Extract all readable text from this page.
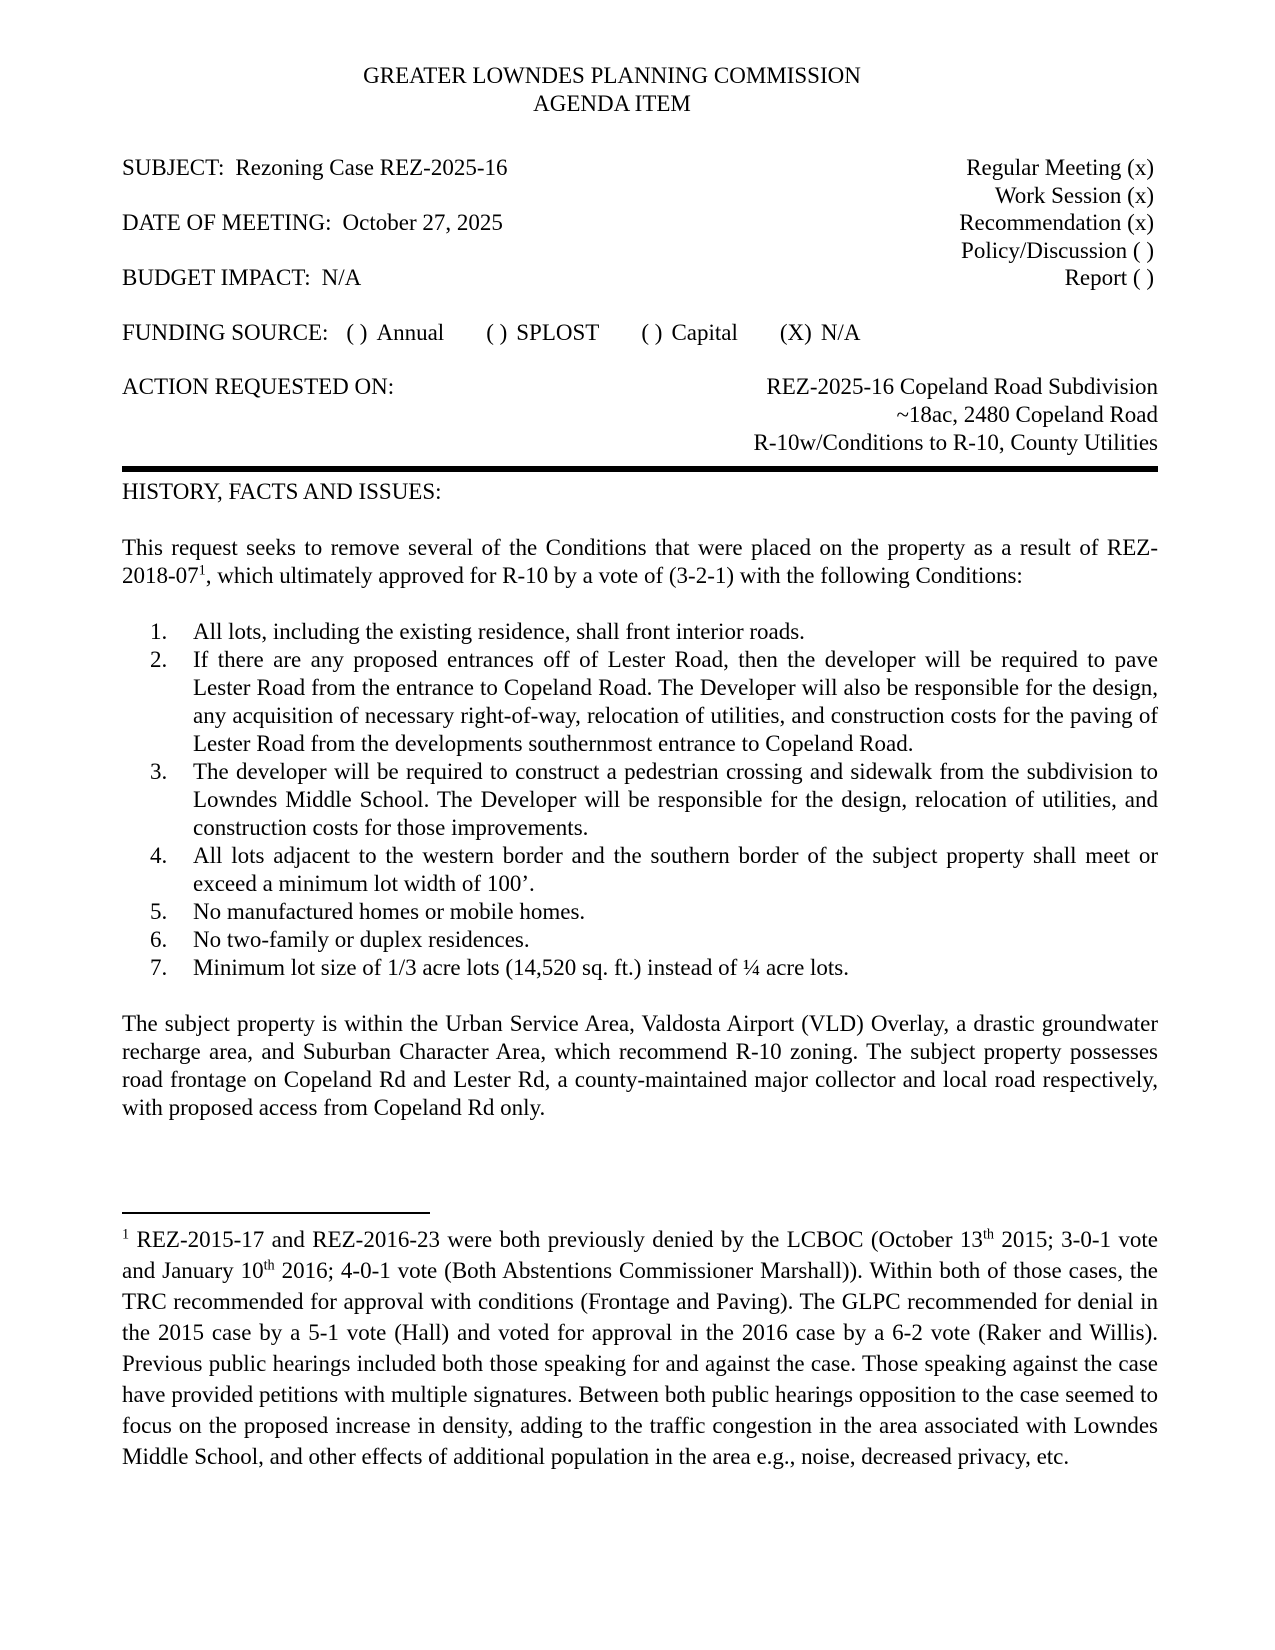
GREATER LOWNDES PLANNING COMMISSION
AGENDA ITEM
SUBJECT: Rezoning Case REZ-2025-16	Regular Meeting (x)
Work Session (x)
DATE OF MEETING: October 27, 2025	Recommendation (x)
Policy/Discussion ( )
BUDGET IMPACT: N/A	Report ( )
FUNDING SOURCE: ( ) Annual ( ) SPLOST ( ) Capital (X) N/A
ACTION REQUESTED ON:	REZ-2025-16 Copeland Road Subdivision
~18ac, 2480 Copeland Road
R-10w/Conditions to R-10, County Utilities
HISTORY, FACTS AND ISSUES:

This request seeks to remove several of the Conditions that were placed on the property as a result of REZ-$2018-07^1$, which ultimately approved for R-10 by a vote of (3-2-1) with the following Conditions:

All lots, including the existing residence, shall front interior roads.
If there are any proposed entrances off of Lester Road, then the developer will be required to pave Lester Road from the entrance to Copeland Road. The Developer will also be responsible for the design, any acquisition of necessary right-of-way, relocation of utilities, and construction costs for the paving of Lester Road from the developments southernmost entrance to Copeland Road.
The developer will be required to construct a pedestrian crossing and sidewalk from the subdivision to Lowndes Middle School. The Developer will be responsible for the design, relocation of utilities, and construction costs for those improvements.
All lots adjacent to the western border and the southern border of the subject property shall meet or exceed a minimum lot width of 100’.
No manufactured homes or mobile homes.
No two-family or duplex residences.
Minimum lot size of 1/3 acre lots (14,520 sq. ft.) instead of ¼ acre lots.

The subject property is within the Urban Service Area, Valdosta Airport (VLD) Overlay, a drastic groundwater recharge area, and Suburban Character Area, which recommend R-10 zoning. The subject property possesses road frontage on Copeland Rd and Lester Rd, a county-maintained major collector and local road respectively, with proposed access from Copeland Rd only.

$^1$ REZ-2015-17 and REZ-2016-23 were both previously denied by the LCBOC (October 13th 2015; 3-0-1 vote and January 10th 2016; 4-0-1 vote (Both Abstentions Commissioner Marshall)). Within both of those cases, the TRC recommended for approval with conditions (Frontage and Paving). The GLPC recommended for denial in the 2015 case by a 5-1 vote (Hall) and voted for approval in the 2016 case by a 6-2 vote (Raker and Willis). Previous public hearings included both those speaking for and against the case. Those speaking against the case have provided petitions with multiple signatures. Between both public hearings opposition to the case seemed to focus on the proposed increase in density, adding to the traffic congestion in the area associated with Lowndes Middle School, and other effects of additional population in the area e.g., noise, decreased privacy, etc.
